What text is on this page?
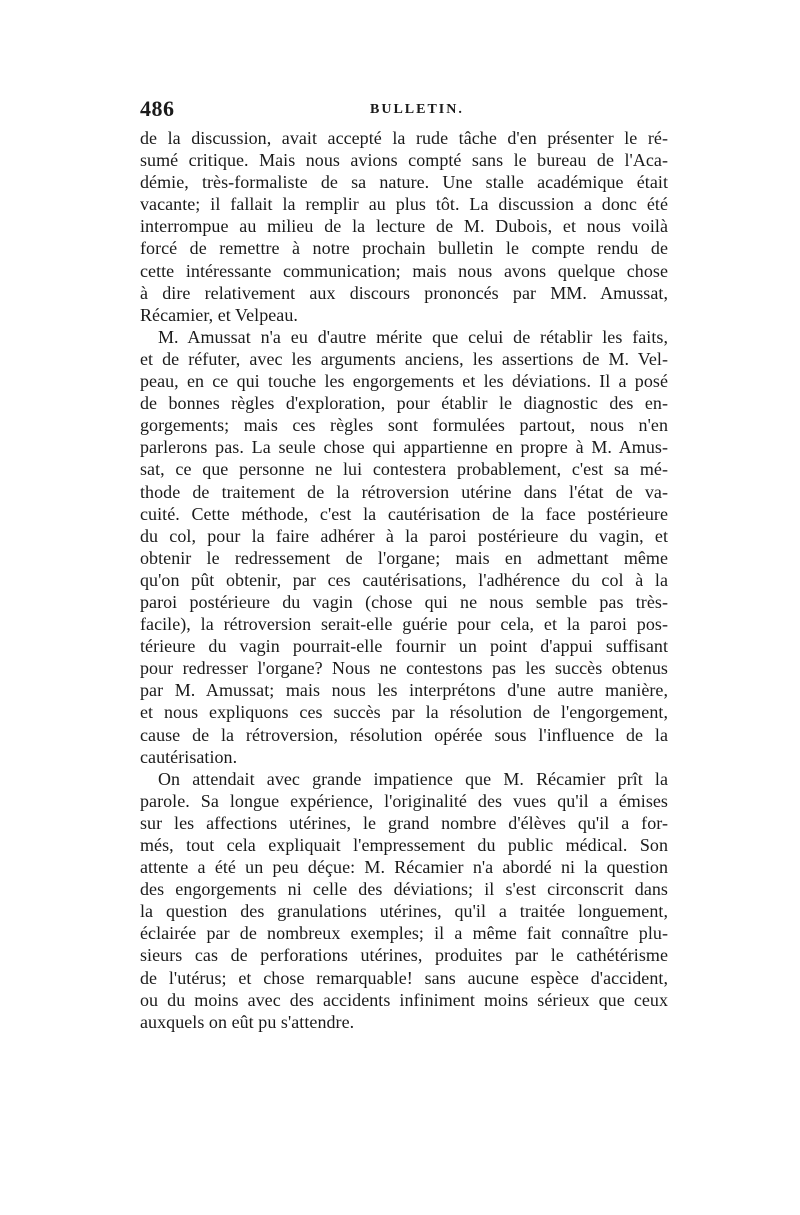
486	BULLETIN.
de la discussion, avait accepté la rude tâche d'en présenter le ré-
sumé critique. Mais nous avions compté sans le bureau de l'Aca-
démie, très-formaliste de sa nature. Une stalle académique était
vacante; il fallait la remplir au plus tôt. La discussion a donc été
interrompue au milieu de la lecture de M. Dubois, et nous voilà
forcé de remettre à notre prochain bulletin le compte rendu de
cette intéressante communication; mais nous avons quelque chose
à dire relativement aux discours prononcés par MM. Amussat,
Récamier, et Velpeau.
M. Amussat n'a eu d'autre mérite que celui de rétablir les faits,
et de réfuter, avec les arguments anciens, les assertions de M. Vel-
peau, en ce qui touche les engorgements et les déviations. Il a posé
de bonnes règles d'exploration, pour établir le diagnostic des en-
gorgements; mais ces règles sont formulées partout, nous n'en
parlerons pas. La seule chose qui appartienne en propre à M. Amus-
sat, ce que personne ne lui contestera probablement, c'est sa mé-
thode de traitement de la rétroversion utérine dans l'état de va-
cuité. Cette méthode, c'est la cautérisation de la face postérieure
du col, pour la faire adhérer à la paroi postérieure du vagin, et
obtenir le redressement de l'organe; mais en admettant même
qu'on pût obtenir, par ces cautérisations, l'adhérence du col à la
paroi postérieure du vagin (chose qui ne nous semble pas très-
facile), la rétroversion serait-elle guérie pour cela, et la paroi pos-
térieure du vagin pourrait-elle fournir un point d'appui suffisant
pour redresser l'organe? Nous ne contestons pas les succès obtenus
par M. Amussat; mais nous les interprétons d'une autre manière,
et nous expliquons ces succès par la résolution de l'engorgement,
cause de la rétroversion, résolution opérée sous l'influence de la
cautérisation.
On attendait avec grande impatience que M. Récamier prît la
parole. Sa longue expérience, l'originalité des vues qu'il a émises
sur les affections utérines, le grand nombre d'élèves qu'il a for-
més, tout cela expliquait l'empressement du public médical. Son
attente a été un peu déçue: M. Récamier n'a abordé ni la question
des engorgements ni celle des déviations; il s'est circonscrit dans
la question des granulations utérines, qu'il a traitée longuement,
éclairée par de nombreux exemples; il a même fait connaître plu-
sieurs cas de perforations utérines, produites par le cathétérisme
de l'utérus; et chose remarquable! sans aucune espèce d'accident,
ou du moins avec des accidents infiniment moins sérieux que ceux
auxquels on eût pu s'attendre.
